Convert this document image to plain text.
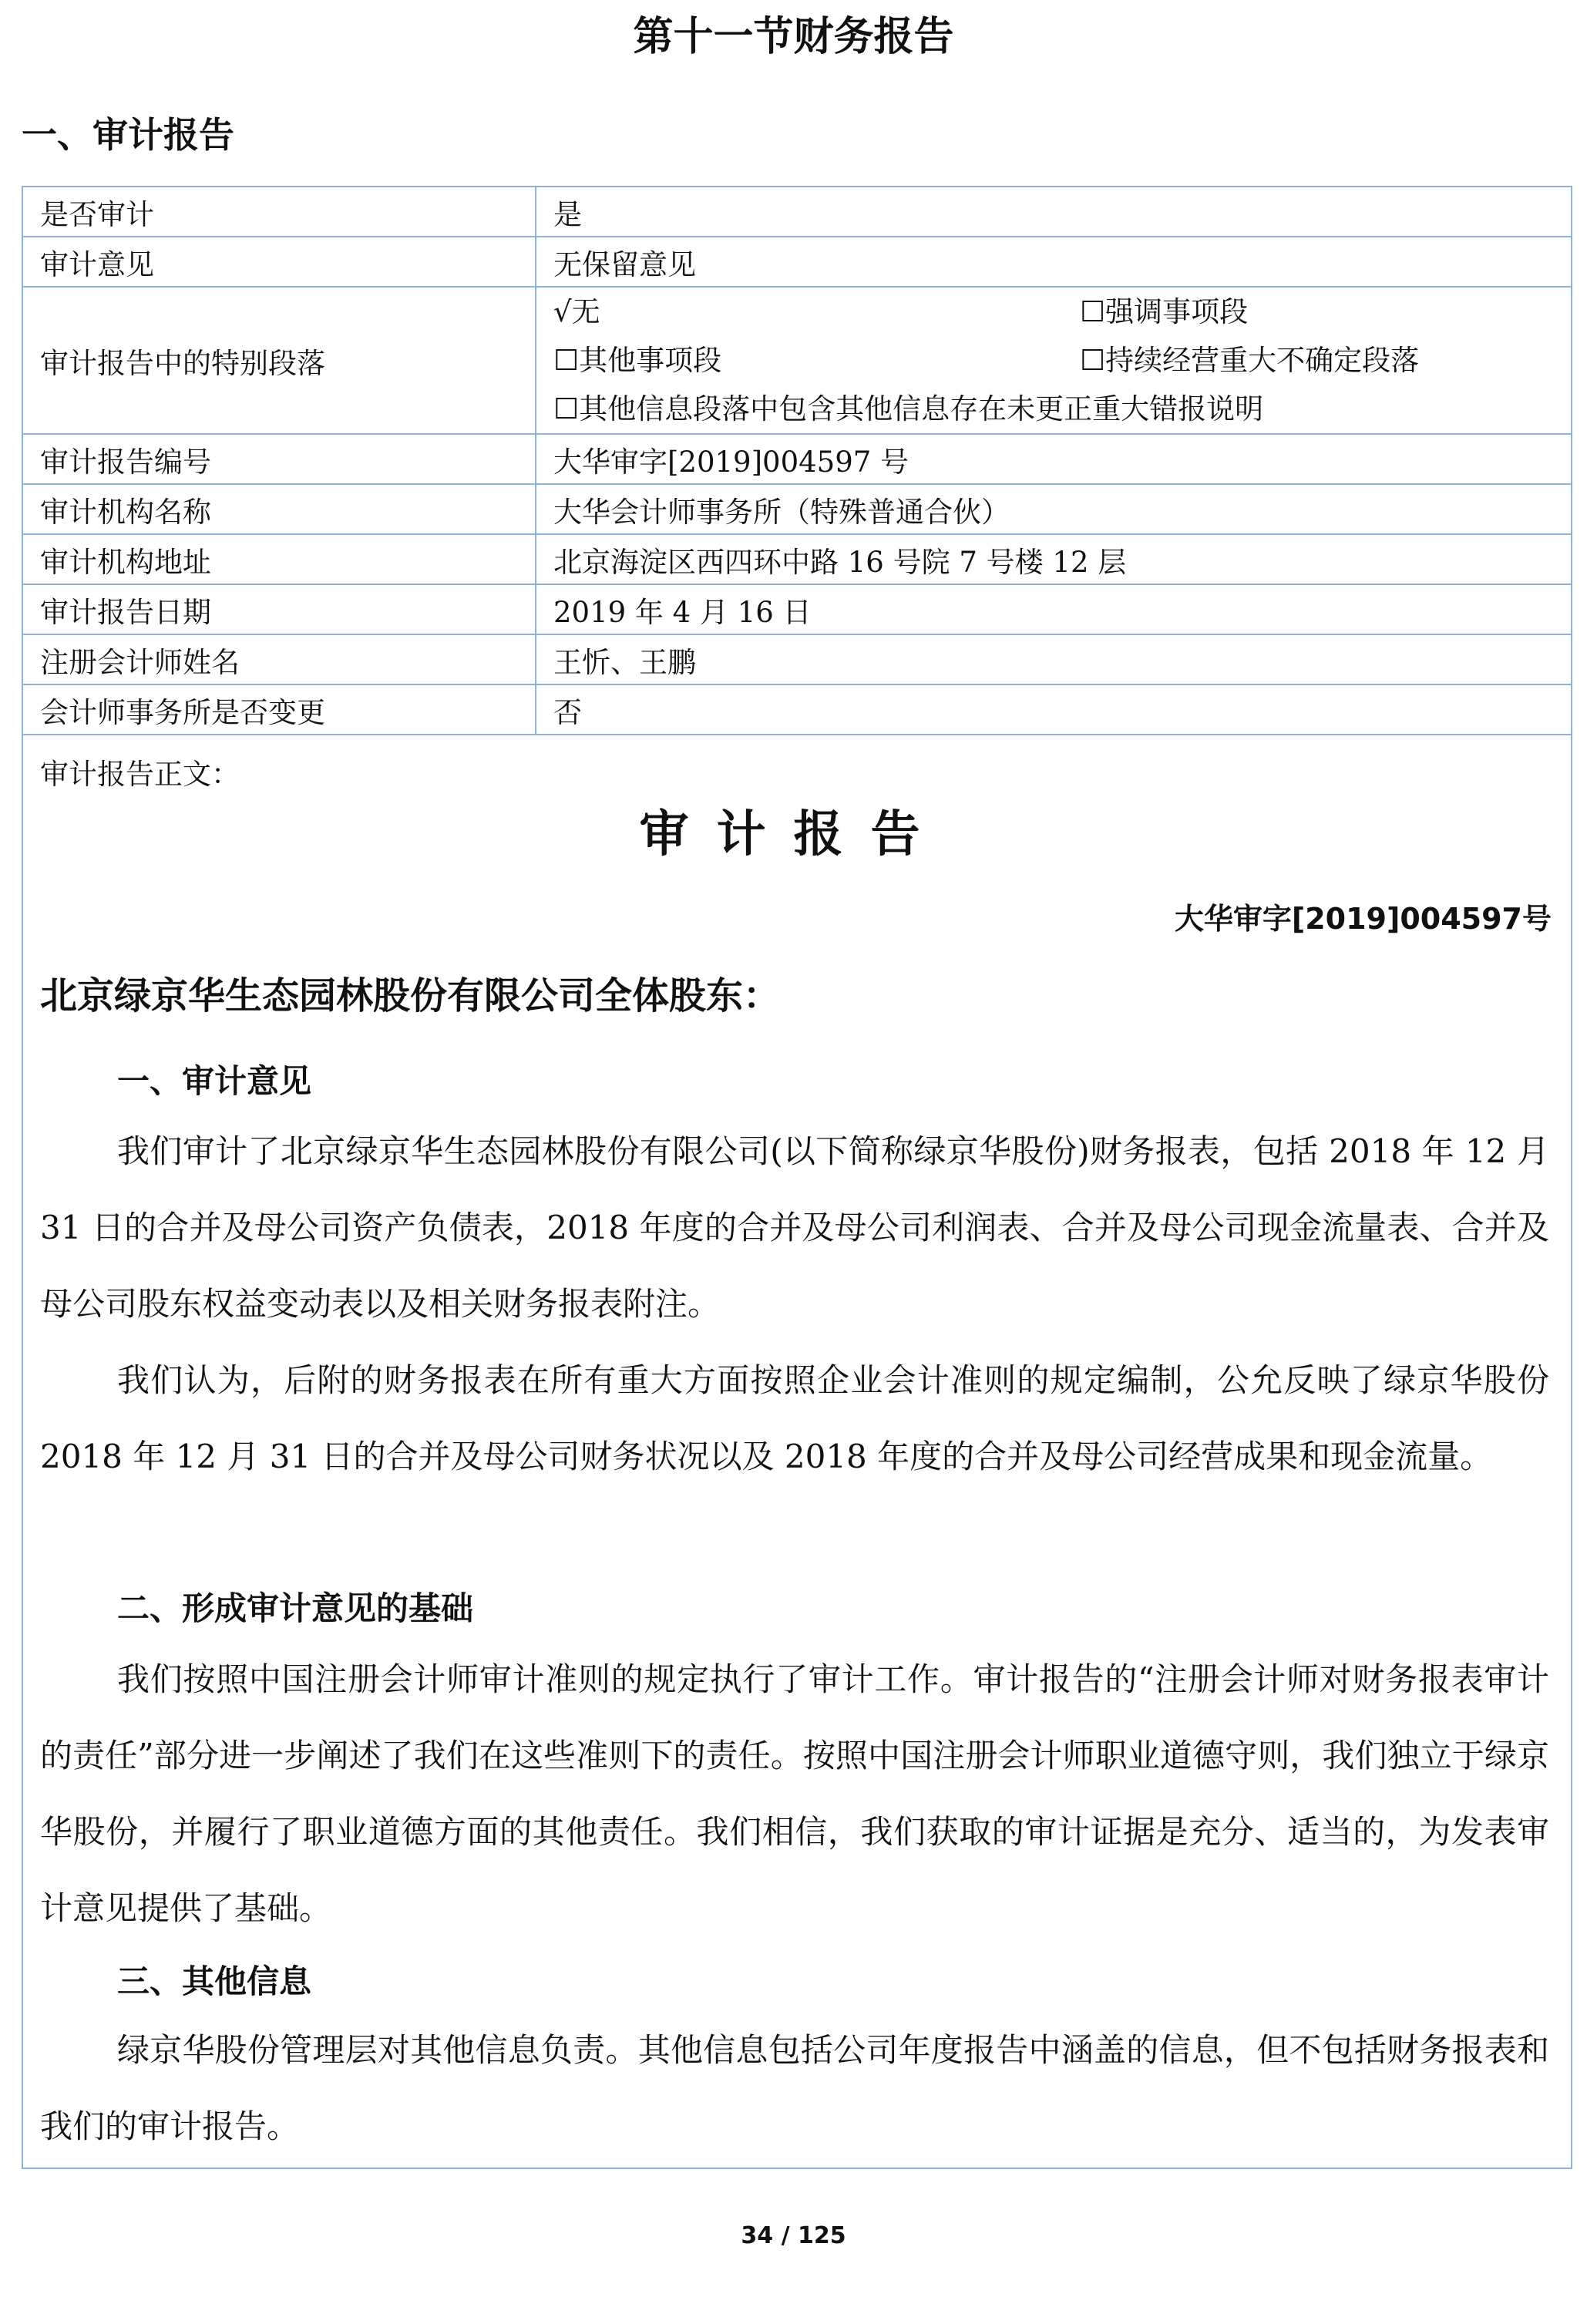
第十一节财务报告
一、审计报告
是否审计	是
审计意见	无保留意见
审计报告中的特别段落	√无 ☐强调事项段
☐其他事项段 ☐持续经营重大不确定段落
☐其他信息段落中包含其他信息存在未更正重大错报说明

审计报告编号	大华审字[2019]004597 号
审计机构名称	大华会计师事务所（特殊普通合伙）
审计机构地址	北京海淀区西四环中路 16 号院 7 号楼 12 层
审计报告日期	2019 年 4 月 16 日
注册会计师姓名	王忻、王鹏
会计师事务所是否变更	否
审计报告正文：
审计报告
大华审字[2019]004597号
北京绿京华生态园林股份有限公司全体股东：
一、审计意见
我们审计了北京绿京华生态园林股份有限公司(以下简称绿京华股份)财务报表，包括 2018 年 12 月 31 日的合并及母公司资产负债表，2018 年度的合并及母公司利润表、合并及母公司现金流量表、合并及母公司股东权益变动表以及相关财务报表附注。
我们认为，后附的财务报表在所有重大方面按照企业会计准则的规定编制，公允反映了绿京华股份 2018 年 12 月 31 日的合并及母公司财务状况以及 2018 年度的合并及母公司经营成果和现金流量。
二、形成审计意见的基础
我们按照中国注册会计师审计准则的规定执行了审计工作。审计报告的“注册会计师对财务报表审计的责任”部分进一步阐述了我们在这些准则下的责任。按照中国注册会计师职业道德守则，我们独立于绿京华股份，并履行了职业道德方面的其他责任。我们相信，我们获取的审计证据是充分、适当的，为发表审计意见提供了基础。
三、其他信息
绿京华股份管理层对其他信息负责。其他信息包括公司年度报告中涵盖的信息，但不包括财务报表和我们的审计报告。
34 / 125
